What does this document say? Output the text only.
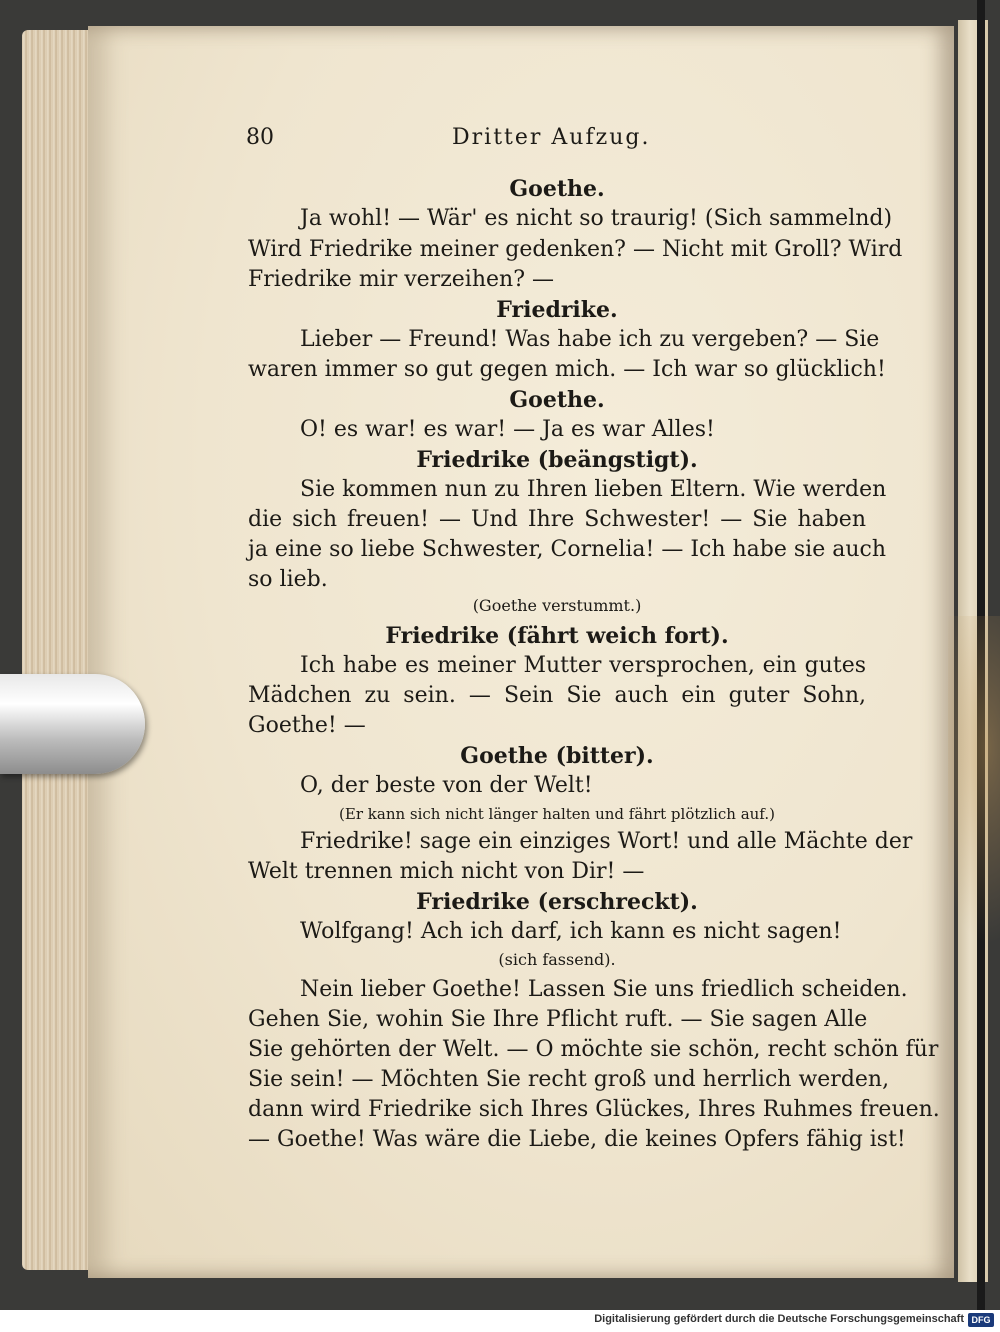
80	Dritter Aufzug.
Goethe.
Ja wohl! — Wär' es nicht so traurig! (Sich sammelnd)
Wird Friedrike meiner gedenken? — Nicht mit Groll? Wird
Friedrike mir verzeihen? —
Friedrike.
Lieber — Freund! Was habe ich zu vergeben? — Sie
waren immer so gut gegen mich. — Ich war so glücklich!
Goethe.
O! es war! es war! — Ja es war Alles!
Friedrike (beängstigt).
Sie kommen nun zu Ihren lieben Eltern. Wie werden
die sich freuen! — Und Ihre Schwester! — Sie haben
ja eine so liebe Schwester, Cornelia! — Ich habe sie auch
so lieb.
(Goethe verstummt.)
Friedrike (fährt weich fort).
Ich habe es meiner Mutter versprochen, ein gutes
Mädchen zu sein. — Sein Sie auch ein guter Sohn,
Goethe! —
Goethe (bitter).
O, der beste von der Welt!
(Er kann sich nicht länger halten und fährt plötzlich auf.)
Friedrike! sage ein einziges Wort! und alle Mächte der
Welt trennen mich nicht von Dir! —
Friedrike (erschreckt).
Wolfgang! Ach ich darf, ich kann es nicht sagen!
(sich fassend).
Nein lieber Goethe! Lassen Sie uns friedlich scheiden.
Gehen Sie, wohin Sie Ihre Pflicht ruft. — Sie sagen Alle
Sie gehörten der Welt. — O möchte sie schön, recht schön für
Sie sein! — Möchten Sie recht groß und herrlich werden,
dann wird Friedrike sich Ihres Glückes, Ihres Ruhmes freuen.
— Goethe! Was wäre die Liebe, die keines Opfers fähig ist!
Digitalisierung gefördert durch die Deutsche Forschungsgemeinschaft DFG
